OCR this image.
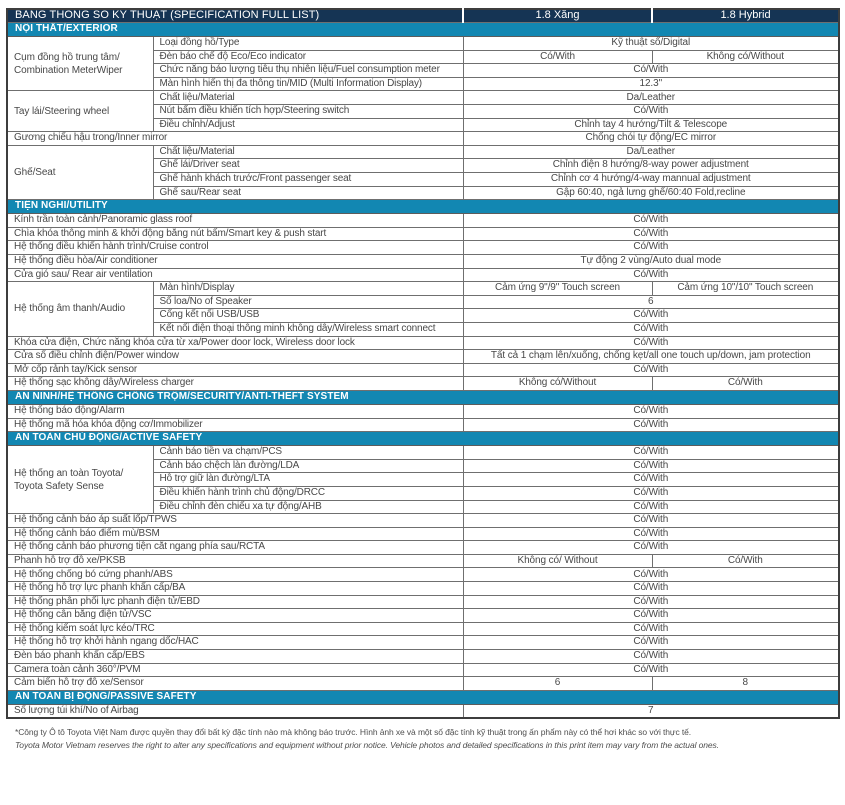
BẢNG THÔNG SỐ KỸ THUẬT (SPECIFICATION FULL LIST)		1.8 Xăng	1.8 Hybrid
NỘI THẤT/EXTERIOR			
Cụm đồng hồ trung tâm/ Combination MeterWiper	Loại đồng hồ/Type	Kỹ thuật số/Digital	
	Đèn báo chế độ Eco/Eco indicator	Có/With	Không có/Without
	Chức năng báo lượng tiêu thụ nhiên liệu/Fuel consumption meter	Có/With	
	Màn hình hiển thị đa thông tin/MID (Multi Information Display)	12.3"	
Tay lái/Steering wheel	Chất liệu/Material	Da/Leather	
	Nút bấm điều khiển tích hợp/Steering switch	Có/With	
	Điều chỉnh/Adjust	Chỉnh tay 4 hướng/Tilt & Telescope	
Gương chiếu hậu trong/Inner mirror		Chống chói tự động/EC mirror	
Ghế/Seat	Chất liệu/Material	Da/Leather	
	Ghế lái/Driver seat	Chỉnh điện 8 hướng/8-way power adjustment	
	Ghế hành khách trước/Front passenger seat	Chỉnh cơ 4 hướng/4-way mannual adjustment	
	Ghế sau/Rear seat	Gập 60:40, ngả lưng ghế/60:40 Fold,recline	
TIỆN NGHI/UTILITY			
Kính trần toàn cảnh/Panoramic glass roof		Có/With	
Chìa khóa thông minh & khởi động bằng nút bấm/Smart key & push start		Có/With	
Hệ thống điều khiển hành trình/Cruise control		Có/With	
Hệ thống điều hòa/Air conditioner		Tự động 2 vùng/Auto dual mode	
Cửa gió sau/ Rear air ventilation		Có/With	
Hệ thống âm thanh/Audio	Màn hình/Display	Cảm ứng 9"/9" Touch screen	Cảm ứng 10"/10" Touch screen
	Số loa/No of Speaker	6	
	Cổng kết nối USB/USB	Có/With	
	Kết nối điện thoại thông minh không dây/Wireless smart connect	Có/With	
Khóa cửa điện, Chức năng khóa cửa từ xa/Power door lock, Wireless door lock		Có/With	
Cửa sổ điều chỉnh điện/Power window		Tất cả 1 chạm lên/xuống, chống kẹt/all one touch up/down, jam protection	
Mở cốp rảnh tay/Kick sensor		Có/With	
Hệ thống sạc không dây/Wireless charger		Không có/Without	Có/With
AN NINH/HỆ THỐNG CHỐNG TRỘM/SECURITY/ANTI-THEFT SYSTEM			
Hệ thống báo động/Alarm		Có/With	
Hệ thống mã hóa khóa động cơ/Immobilizer		Có/With	
AN TOÀN CHỦ ĐỘNG/ACTIVE SAFETY			
Hệ thống an toàn Toyota/ Toyota Safety Sense	Cảnh báo tiền va chạm/PCS	Có/With	
	Cảnh báo chệch làn đường/LDA	Có/With	
	Hỗ trợ giữ làn đường/LTA	Có/With	
	Điều khiển hành trình chủ động/DRCC	Có/With	
	Điều chỉnh đèn chiếu xa tự động/AHB	Có/With	
Hệ thống cảnh báo áp suất lốp/TPWS		Có/With	
Hệ thống cảnh báo điểm mù/BSM		Có/With	
Hệ thống cảnh báo phương tiện cắt ngang phía sau/RCTA		Có/With	
Phanh hỗ trợ đỗ xe/PKSB		Không có/ Without	Có/With
Hệ thống chống bó cứng phanh/ABS		Có/With	
Hệ thống hỗ trợ lực phanh khẩn cấp/BA		Có/With	
Hệ thống phân phối lực phanh điện tử/EBD		Có/With	
Hệ thống cân bằng điện tử/VSC		Có/With	
Hệ thống kiểm soát lực kéo/TRC		Có/With	
Hệ thống hỗ trợ khởi hành ngang dốc/HAC		Có/With	
Đèn báo phanh khẩn cấp/EBS		Có/With	
Camera toàn cảnh 360°/PVM		Có/With	
Cảm biến hỗ trợ đỗ xe/Sensor		6	8
AN TOÀN BỊ ĐỘNG/PASSIVE SAFETY			
Số lượng túi khí/No of Airbag		7	
*Công ty Ô tô Toyota Việt Nam được quyền thay đổi bất kỳ đặc tính nào mà không báo trước. Hình ảnh xe và một số đặc tính kỹ thuật trong ấn phẩm này có thể hơi khác so với thực tế.
Toyota Motor Vietnam reserves the right to alter any specifications and equipment without prior notice. Vehicle photos and detailed specifications in this print item may vary from the actual ones.
